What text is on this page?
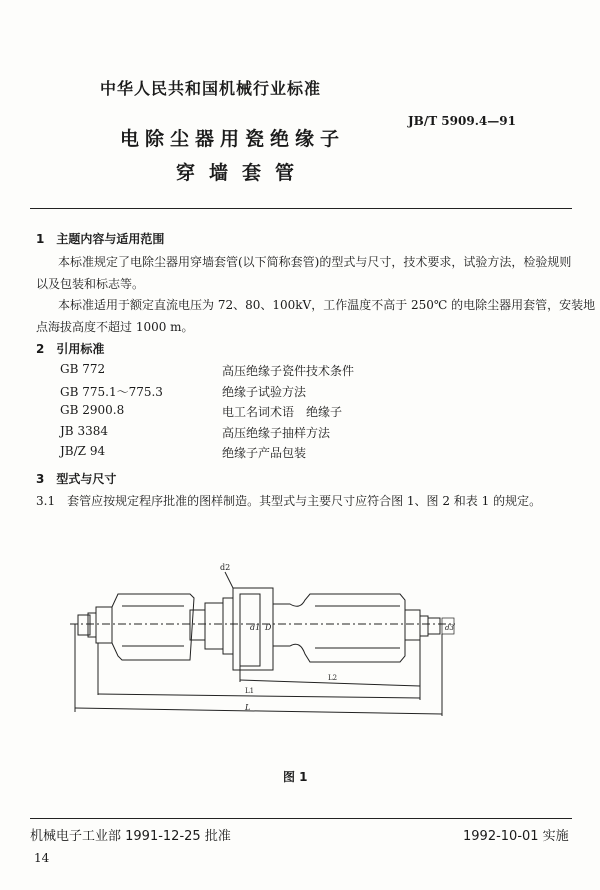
中华人民共和国机械行业标准
JB/T 5909.4—91
电除尘器用瓷绝缘子
穿墙套管
1　主题内容与适用范围
本标准规定了电除尘器用穿墙套管(以下简称套管)的型式与尺寸，技术要求，试验方法，检验规则
以及包装和标志等。
本标准适用于额定直流电压为 72、80、100kV，工作温度不高于 250℃ 的电除尘器用套管，安装地
点海拔高度不超过 1000 m。
2　引用标准
GB 772	高压绝缘子瓷件技术条件
GB 775.1～775.3	绝缘子试验方法
GB 2900.8	电工名词术语　绝缘子
JB 3384	高压绝缘子抽样方法
JB/Z 94	绝缘子产品包装
3　型式与尺寸
3.1　套管应按规定程序批准的图样制造。其型式与主要尺寸应符合图 1、图 2 和表 1 的规定。
d2
d1 D
L2
L1
L
d3
图 1
机械电子工业部 1991-12-25 批准	1992-10-01 实施
14
